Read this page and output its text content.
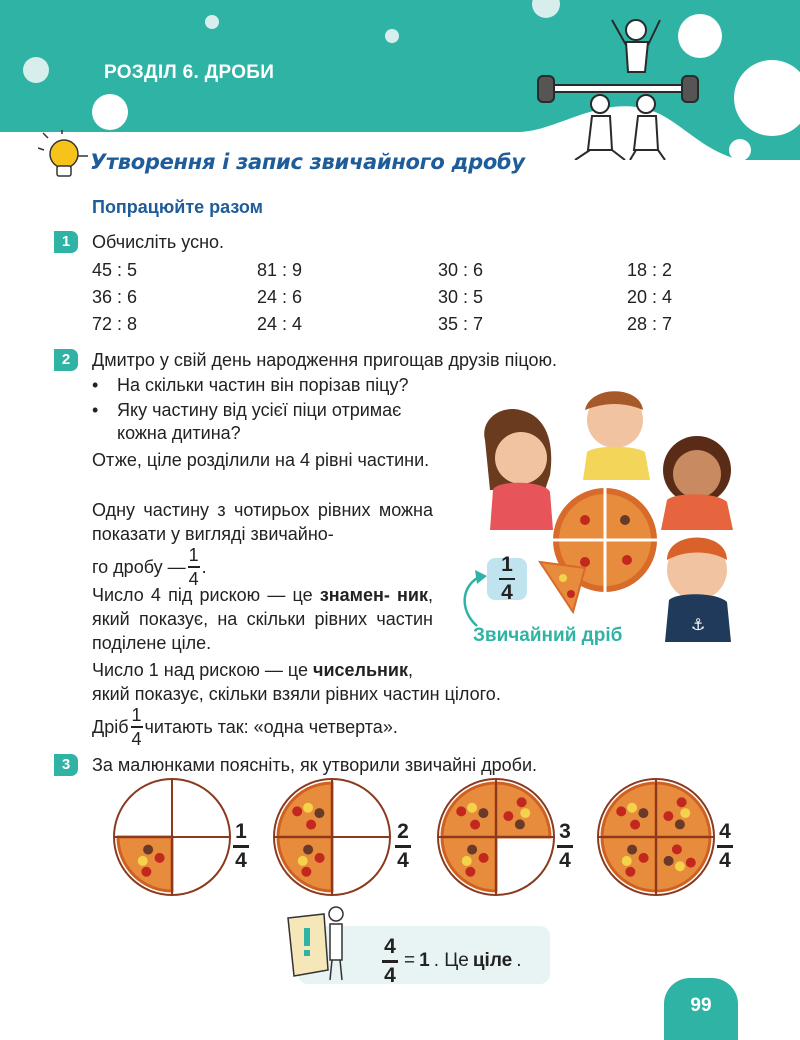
РОЗДІЛ 6. ДРОБИ
Утворення і запис звичайного дробу
Попрацюйте разом
1	Обчисліть усно.
45 : 5	81 : 9	30 : 6	18 : 2
36 : 6	24 : 6	30 : 5	20 : 4
72 : 8	24 : 4	35 : 7	28 : 7
2	Дмитро у свій день народження пригощав друзів піцою.
• На скільки частин він порізав піцу?
• Яку частину від усієї піци отримає
кожна дитина?
Отже, ціле розділили на 4 рівні частини.
Одну частину з чотирьох рівних можна показати у вигляді звичайно-
го дробу — $\frac{1}{4}$ .
Число 4 під рискою — це знамен- ник, який показує, на скільки рівних частин поділене ціле.
Число 1 над рискою — це чисельник,
який показує, скільки взяли рівних частин цілого.
Дріб $\frac{1}{4}$ читають так: «одна четверта».
⚓
$\frac{1}{4}$
Звичайний дріб
3	За малюнками поясніть, як утворили звичайні дроби.
$\frac{1}{4}$	$\frac{2}{4}$	$\frac{3}{4}$	$\frac{4}{4}$
$\frac{4}{4} = 1$ . Це ціле .
99
